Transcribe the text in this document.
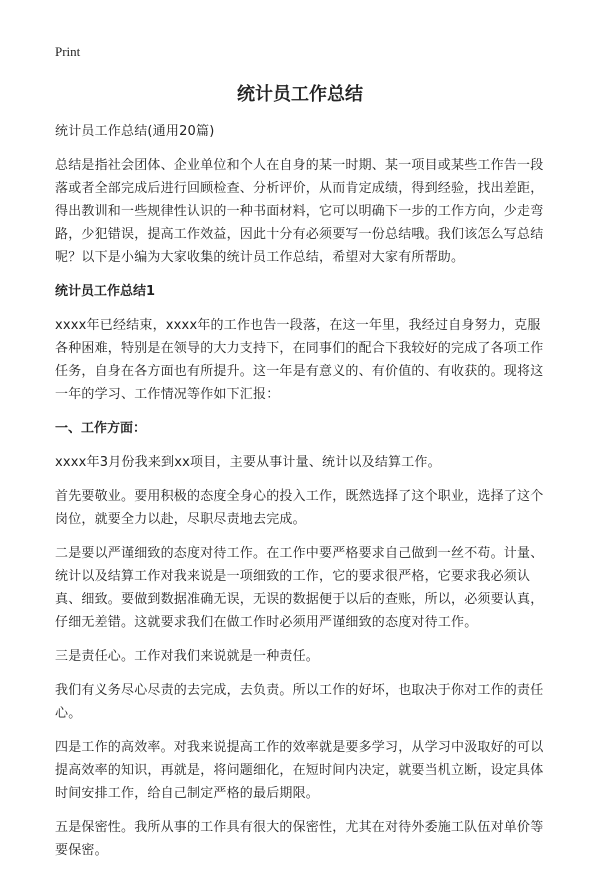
Print
统计员工作总结

统计员工作总结(通用20篇)

总结是指社会团体、企业单位和个人在自身的某一时期、某一项目或某些工作告一段落或者全部完成后进行回顾检查、分析评价，从而肯定成绩，得到经验，找出差距，得出教训和一些规律性认识的一种书面材料，它可以明确下一步的工作方向，少走弯路，少犯错误，提高工作效益，因此十分有必须要写一份总结哦。我们该怎么写总结呢？以下是小编为大家收集的统计员工作总结，希望对大家有所帮助。

统计员工作总结1

xxxx年已经结束，xxxx年的工作也告一段落，在这一年里，我经过自身努力，克服各种困难，特别是在领导的大力支持下，在同事们的配合下我较好的完成了各项工作任务，自身在各方面也有所提升。这一年是有意义的、有价值的、有收获的。现将这一年的学习、工作情况等作如下汇报：

一、工作方面：

xxxx年3月份我来到xx项目，主要从事计量、统计以及结算工作。

首先要敬业。要用积极的态度全身心的投入工作，既然选择了这个职业，选择了这个岗位，就要全力以赴，尽职尽责地去完成。

二是要以严谨细致的态度对待工作。在工作中要严格要求自己做到一丝不苟。计量、统计以及结算工作对我来说是一项细致的工作，它的要求很严格，它要求我必须认真、细致。要做到数据准确无误，无误的数据便于以后的查账，所以，必须要认真，仔细无差错。这就要求我们在做工作时必须用严谨细致的态度对待工作。

三是责任心。工作对我们来说就是一种责任。

我们有义务尽心尽责的去完成，去负责。所以工作的好坏，也取决于你对工作的责任心。

四是工作的高效率。对我来说提高工作的效率就是要多学习，从学习中汲取好的可以提高效率的知识，再就是，将问题细化，在短时间内决定，就要当机立断，设定具体时间安排工作，给自己制定严格的最后期限。

五是保密性。我所从事的工作具有很大的保密性，尤其在对待外委施工队伍对单价等要保密。
